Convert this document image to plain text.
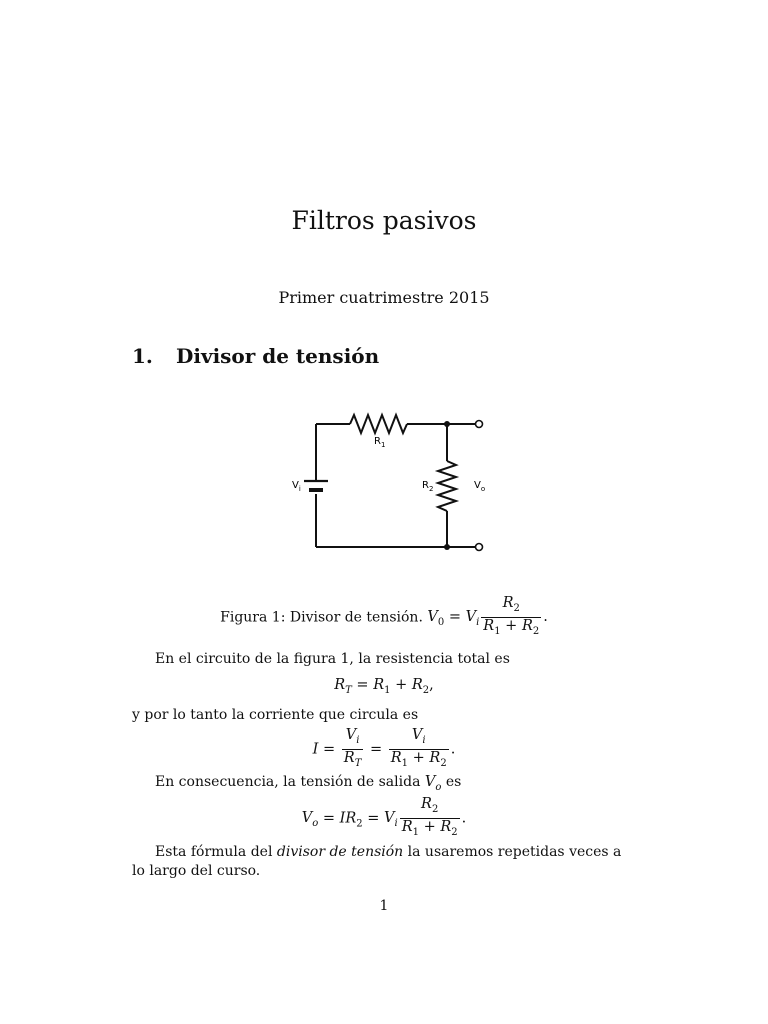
Filtros pasivos
Primer cuatrimestre 2015
1. Divisor de tensión
$R_1$
$R_2$
$V_i$	$V_o$
Figura 1: Divisor de tensión. $V_0 = V_i \frac{R_2}{R_1 + R_2}$ .
En el circuito de la figura 1, la resistencia total es
$R_T = R_1 + R_2$,
y por lo tanto la corriente que circula es
$I = \frac{V_i}{R_T} = \frac{V_i}{R_1 + R_2}$ .
En consecuencia, la tensión de salida $V_o$ es
$V_o = IR_2 = V_i \frac{R_2}{R_1 + R_2}$ .
Esta fórmula del divisor de tensión la usaremos repetidas veces a lo largo del curso.
1
